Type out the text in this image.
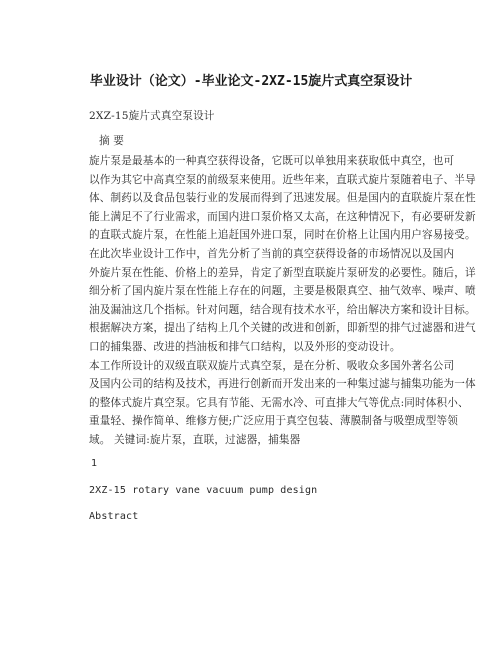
毕业设计（论文）-毕业论文-2XZ-15旋片式真空泵设计
2XZ-15旋片式真空泵设计
摘 要
旋片泵是最基本的一种真空获得设备，它既可以单独用来获取低中真空，也可
以作为其它中高真空泵的前级泵来使用。近些年来，直联式旋片泵随着电子、半导
体、制药以及食品包装行业的发展而得到了迅速发展。但是国内的直联旋片泵在性
能上满足不了行业需求，而国内进口泵价格又太高，在这种情况下，有必要研发新
的直联式旋片泵，在性能上追赶国外进口泵，同时在价格上让国内用户容易接受。
在此次毕业设计工作中，首先分析了当前的真空获得设备的市场情况以及国内
外旋片泵在性能、价格上的差异，肯定了新型直联旋片泵研发的必要性。随后，详
细分析了国内旋片泵在性能上存在的问题，主要是极限真空、抽气效率、噪声、喷
油及漏油这几个指标。针对问题，结合现有技术水平，给出解决方案和设计目标。
根据解决方案，提出了结构上几个关键的改进和创新，即新型的排气过滤器和进气
口的捕集器、改进的挡油板和排气口结构，以及外形的变动设计。
本工作所设计的双级直联双旋片式真空泵，是在分析、吸收众多国外著名公司
及国内公司的结构及技术，再进行创新而开发出来的一种集过滤与捕集功能为一体
的整体式旋片真空泵。它具有节能、无需水冷、可直排大气等优点:同时体积小、
重量轻、操作简单、维修方便;广泛应用于真空包装、薄膜制备与吸塑成型等领
域。 关键词:旋片泵，直联，过滤器，捕集器
1
2XZ-15 rotary vane vacuum pump design
Abstract
